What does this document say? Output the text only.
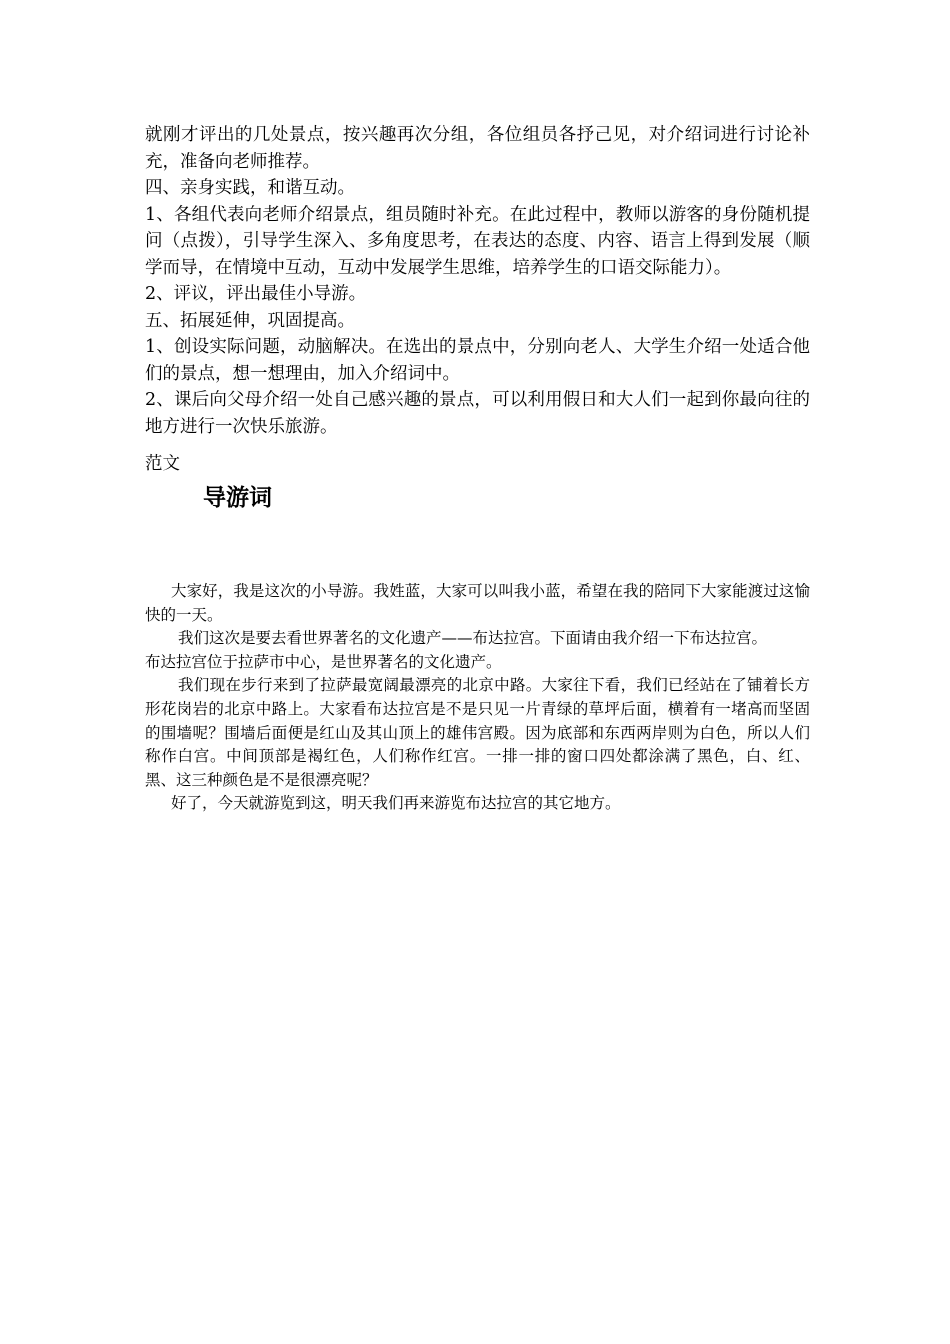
就刚才评出的几处景点，按兴趣再次分组，各位组员各抒己见，对介绍词进行讨论补充，准备向老师推荐。

四、亲身实践，和谐互动。

1、各组代表向老师介绍景点，组员随时补充。在此过程中，教师以游客的身份随机提问（点拨），引导学生深入、多角度思考，在表达的态度、内容、语言上得到发展（顺学而导，在情境中互动，互动中发展学生思维，培养学生的口语交际能力）。

2、评议，评出最佳小导游。

五、拓展延伸，巩固提高。

1、创设实际问题，动脑解决。在选出的景点中，分别向老人、大学生介绍一处适合他们的景点，想一想理由，加入介绍词中。

2、课后向父母介绍一处自己感兴趣的景点，可以利用假日和大人们一起到你最向往的地方进行一次快乐旅游。

范文
导游词

大家好，我是这次的小导游。我姓蓝，大家可以叫我小蓝，希望在我的陪同下大家能渡过这愉快的一天。

我们这次是要去看世界著名的文化遗产——布达拉宫。下面请由我介绍一下布达拉宫。

布达拉宫位于拉萨市中心，是世界著名的文化遗产。

我们现在步行来到了拉萨最宽阔最漂亮的北京中路。大家往下看，我们已经站在了铺着长方形花岗岩的北京中路上。大家看布达拉宫是不是只见一片青绿的草坪后面，横着有一堵高而坚固的围墙呢？围墙后面便是红山及其山顶上的雄伟宫殿。因为底部和东西两岸则为白色，所以人们称作白宫。中间顶部是褐红色，人们称作红宫。一排一排的窗口四处都涂满了黑色，白、红、黑、这三种颜色是不是很漂亮呢？

好了，今天就游览到这，明天我们再来游览布达拉宫的其它地方。
